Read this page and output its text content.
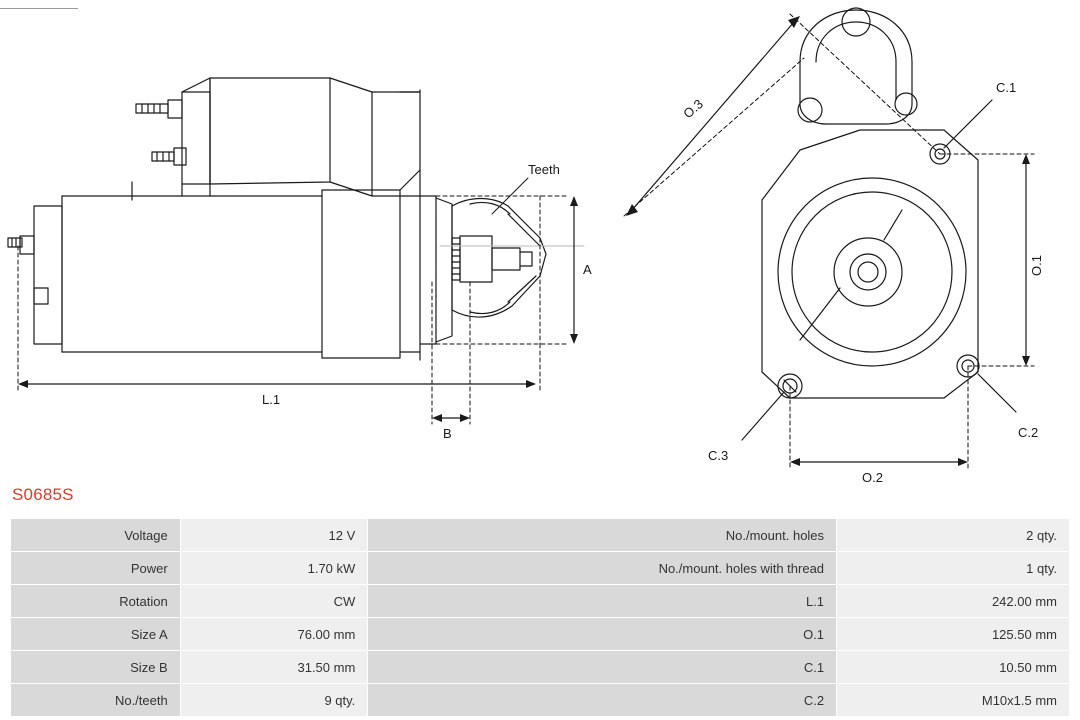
Teeth
A
L.1
B
O.1
O.2
O.3
C.1
C.2
C.3
S0685S
Voltage	12 V	No./mount. holes	2 qty.
Power	1.70 kW	No./mount. holes with thread	1 qty.
Rotation	CW	L.1	242.00 mm
Size A	76.00 mm	O.1	125.50 mm
Size B	31.50 mm	C.1	10.50 mm
No./teeth	9 qty.	C.2	M10x1.5 mm
